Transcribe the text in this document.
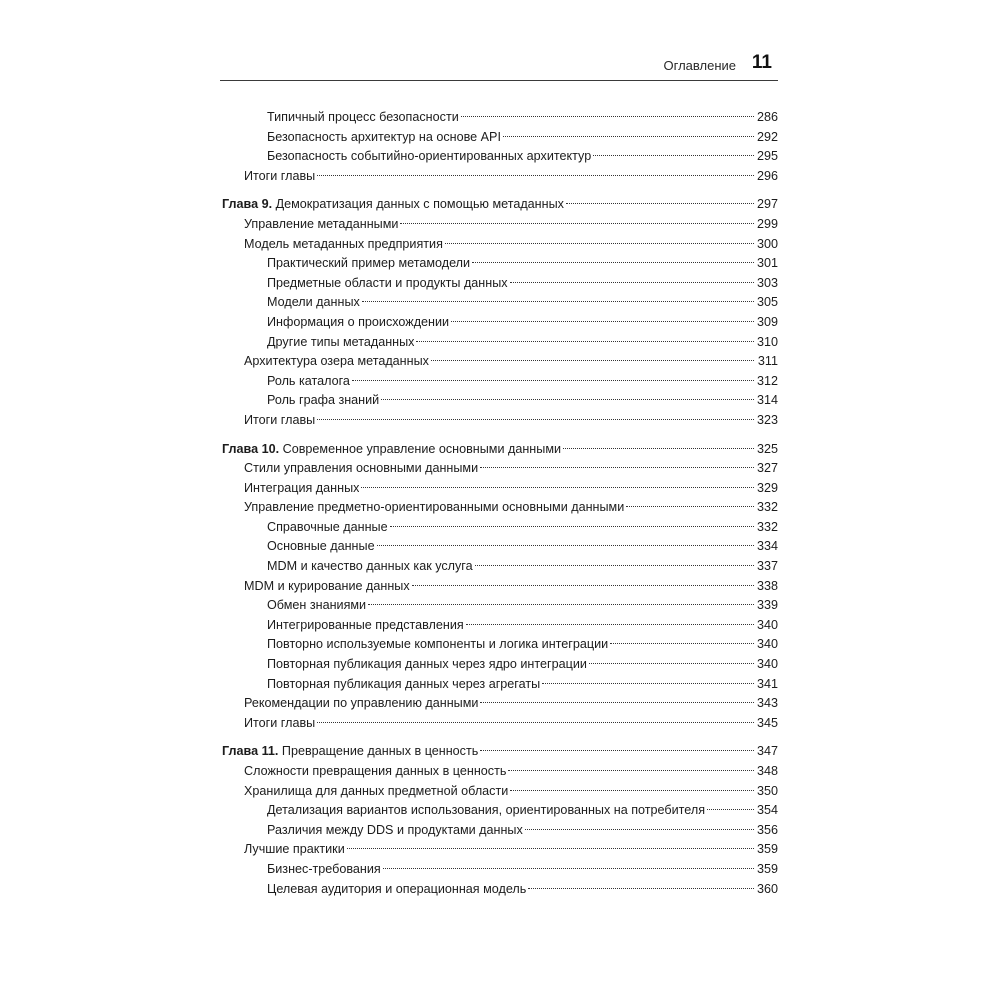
Оглавление 11
Типичный процесс безопасности	286
Безопасность архитектур на основе API	292
Безопасность событийно-ориентированных архитектур	295
Итоги главы	296
Глава 9. Демократизация данных с помощью метаданных	297
Управление метаданными	299
Модель метаданных предприятия	300
Практический пример метамодели	301
Предметные области и продукты данных	303
Модели данных	305
Информация о происхождении	309
Другие типы метаданных	310
Архитектура озера метаданных	311
Роль каталога	312
Роль графа знаний	314
Итоги главы	323
Глава 10. Современное управление основными данными	325
Стили управления основными данными	327
Интеграция данных	329
Управление предметно-ориентированными основными данными	332
Справочные данные	332
Основные данные	334
MDM и качество данных как услуга	337
MDM и курирование данных	338
Обмен знаниями	339
Интегрированные представления	340
Повторно используемые компоненты и логика интеграции	340
Повторная публикация данных через ядро интеграции	340
Повторная публикация данных через агрегаты	341
Рекомендации по управлению данными	343
Итоги главы	345
Глава 11. Превращение данных в ценность	347
Сложности превращения данных в ценность	348
Хранилища для данных предметной области	350
Детализация вариантов использования, ориентированных на потребителя	354
Различия между DDS и продуктами данных	356
Лучшие практики	359
Бизнес-требования	359
Целевая аудитория и операционная модель	360
